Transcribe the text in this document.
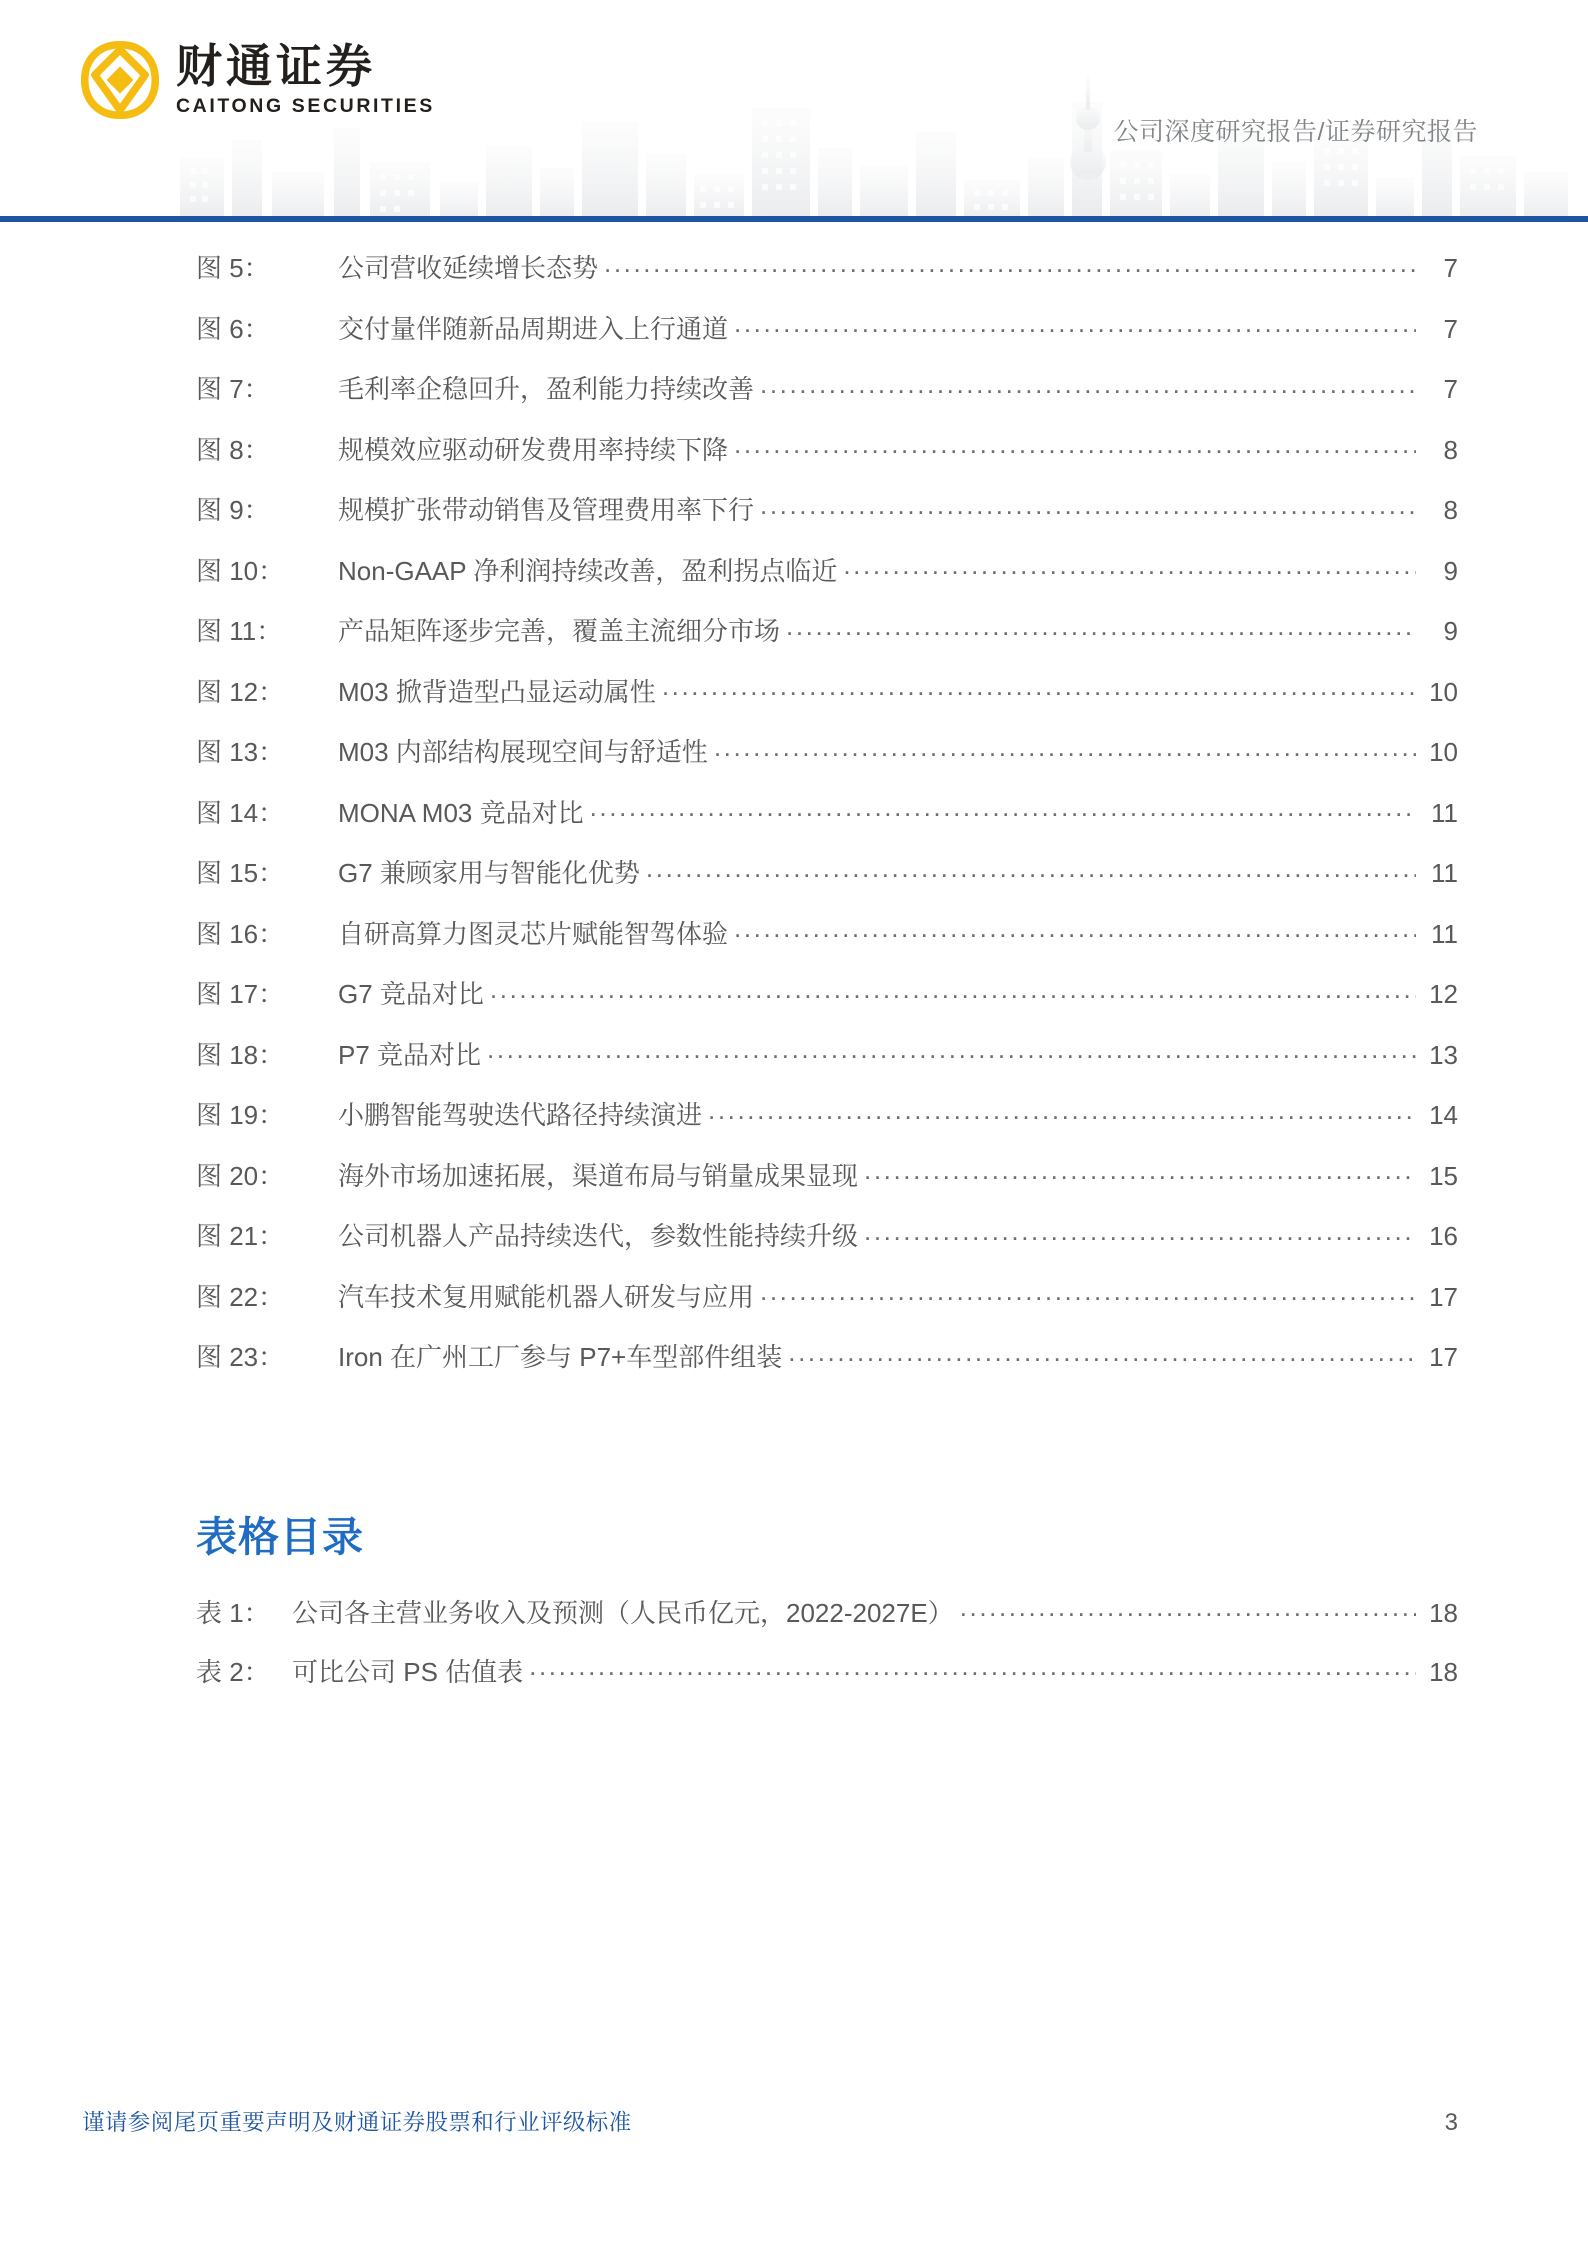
财通证券
CAITONG SECURITIES
公司深度研究报告/证券研究报告
图 5：	公司营收延续增长态势 .....	7
图 6：	交付量伴随新品周期进入上行通道 .....	7
图 7：	毛利率企稳回升，盈利能力持续改善 .....	7
图 8：	规模效应驱动研发费用率持续下降 .....	8
图 9：	规模扩张带动销售及管理费用率下行 .....	8
图 10：	Non-GAAP 净利润持续改善，盈利拐点临近 .....	9
图 11：	产品矩阵逐步完善，覆盖主流细分市场 .....	9
图 12：	M03 掀背造型凸显运动属性 .....	10
图 13：	M03 内部结构展现空间与舒适性 .....	10
图 14：	MONA M03 竞品对比 .....	11
图 15：	G7 兼顾家用与智能化优势 .....	11
图 16：	自研高算力图灵芯片赋能智驾体验 .....	11
图 17：	G7 竞品对比 .....	12
图 18：	P7 竞品对比 .....	13
图 19：	小鹏智能驾驶迭代路径持续演进 .....	14
图 20：	海外市场加速拓展，渠道布局与销量成果显现 .....	15
图 21：	公司机器人产品持续迭代，参数性能持续升级 .....	16
图 22：	汽车技术复用赋能机器人研发与应用 .....	17
图 23：	Iron 在广州工厂参与 P7+车型部件组装 .....	17
表格目录
表 1： 公司各主营业务收入及预测（人民币亿元，2022-2027E） .....	18
表 2： 可比公司 PS 估值表 .....	18
谨请参阅尾页重要声明及财通证券股票和行业评级标准	3
